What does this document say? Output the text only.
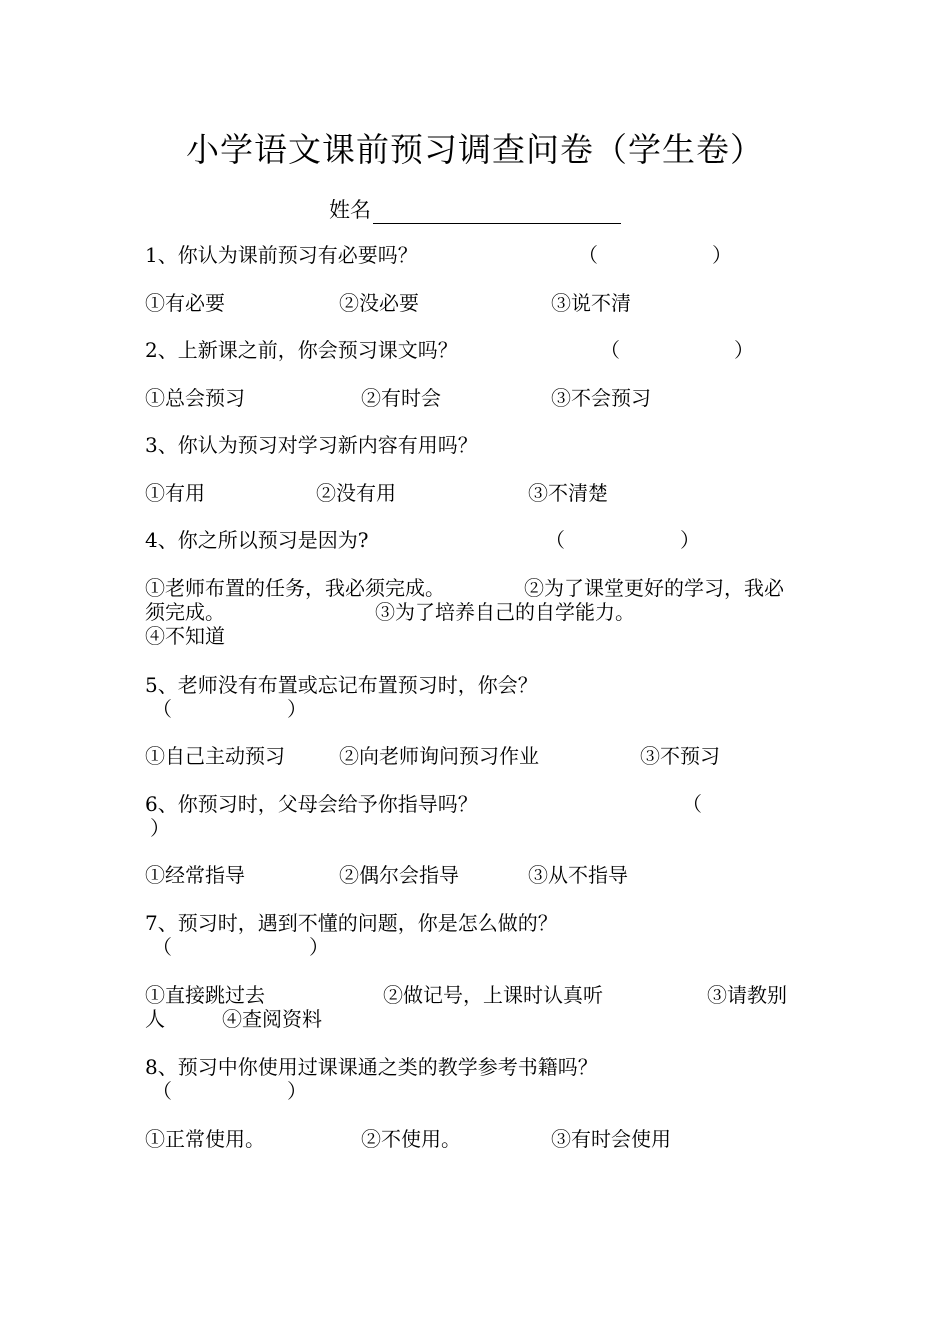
小学语文课前预习调查问卷（学生卷）
姓名
1、你认为课前预习有必要吗？	（	）
①有必要	②没必要	③说不清
2、上新课之前，你会预习课文吗？	（	）
①总会预习	②有时会	③不会预习
3、你认为预习对学习新内容有用吗？
①有用	②没有用	③不清楚
4、你之所以预习是因为?	（	）
①老师布置的任务，我必须完成。	②为了课堂更好的学习，我必
须完成。	③为了培养自己的自学能力。
④不知道
5、老师没有布置或忘记布置预习时，你会？
（	）
①自己主动预习	②向老师询问预习作业	③不预习
6、你预习时，父母会给予你指导吗？	（
）
①经常指导	②偶尔会指导	③从不指导
7、预习时，遇到不懂的问题，你是怎么做的？
（	）
①直接跳过去	②做记号，上课时认真听	③请教别
人	④查阅资料
8、预习中你使用过课课通之类的教学参考书籍吗？
（	）
①正常使用。	②不使用。	③有时会使用
